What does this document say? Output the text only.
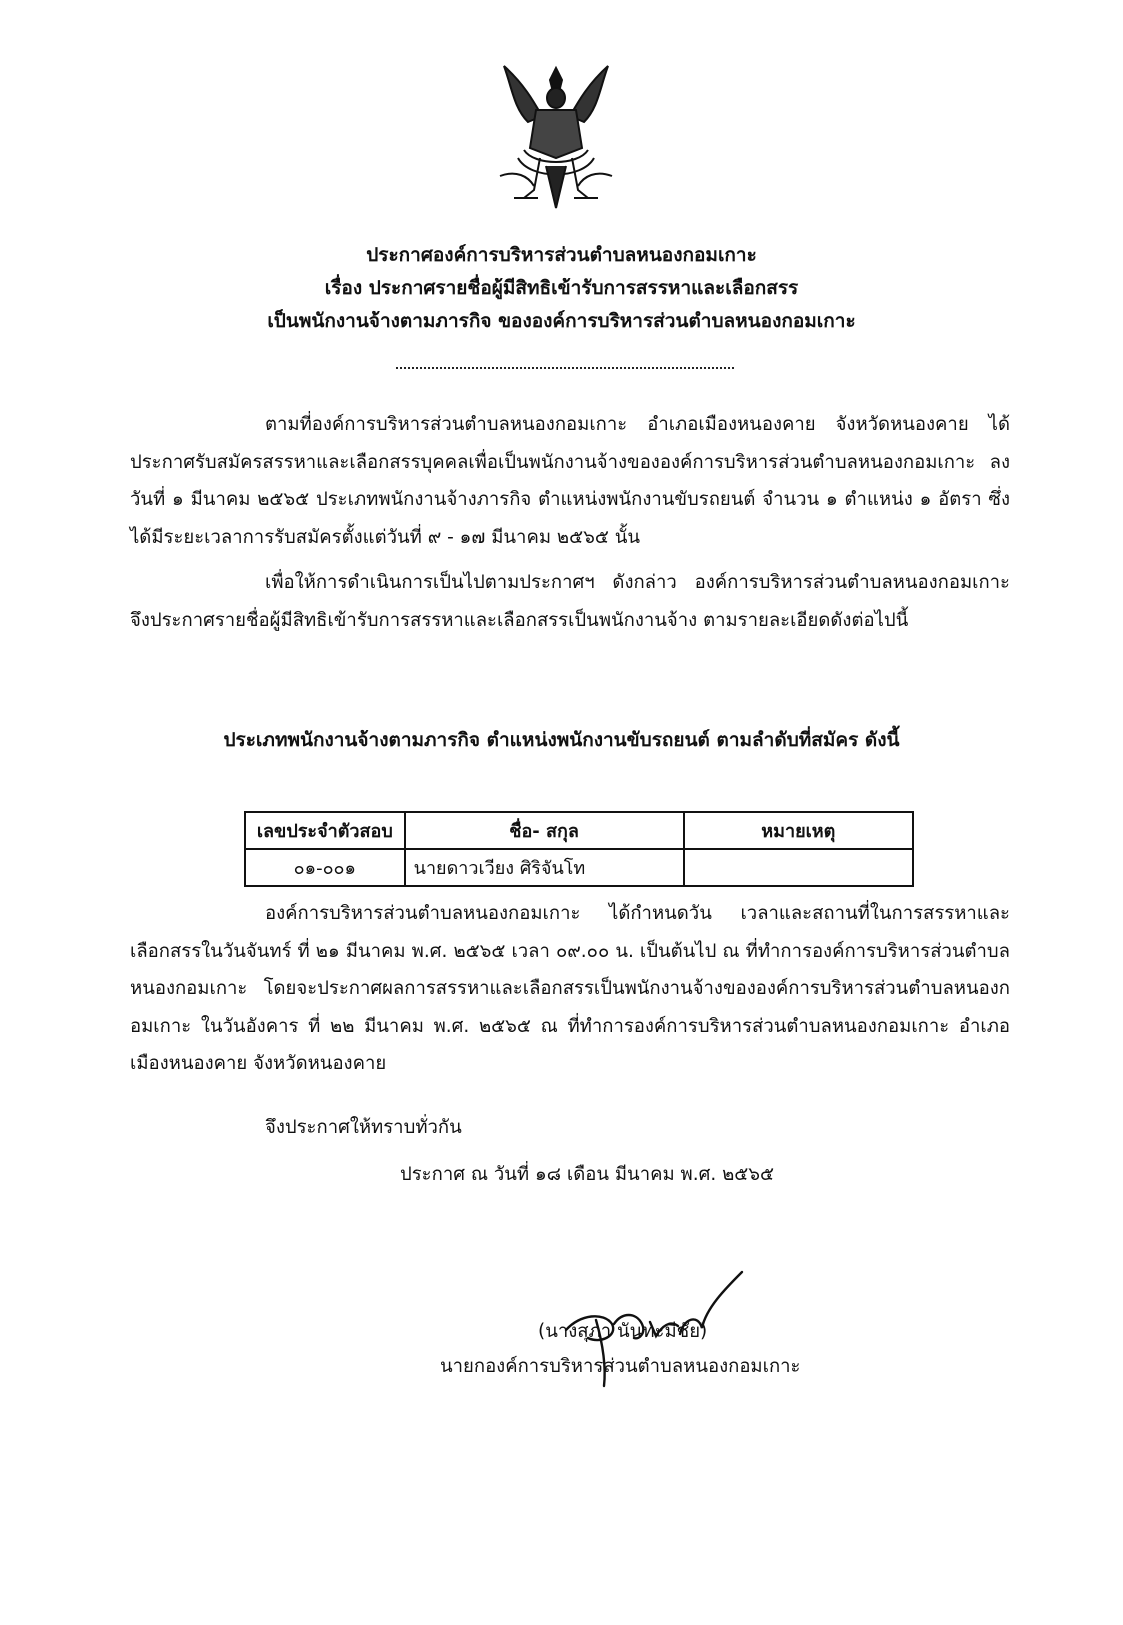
ประกาศองค์การบริหารส่วนตำบลหนองกอมเกาะ
เรื่อง ประกาศรายชื่อผู้มีสิทธิเข้ารับการสรรหาและเลือกสรร
เป็นพนักงานจ้างตามภารกิจ ขององค์การบริหารส่วนตำบลหนองกอมเกาะ

ตามที่องค์การบริหารส่วนตำบลหนองกอมเกาะ อำเภอเมืองหนองคาย จังหวัดหนองคาย ได้ประกาศรับสมัครสรรหาและเลือกสรรบุคคลเพื่อเป็นพนักงานจ้างขององค์การบริหารส่วนตำบลหนองกอมเกาะ ลงวันที่ ๑ มีนาคม ๒๕๖๕ ประเภทพนักงานจ้างภารกิจ ตำแหน่งพนักงานขับรถยนต์ จำนวน ๑ ตำแหน่ง ๑ อัตรา ซึ่งได้มีระยะเวลาการรับสมัครตั้งแต่วันที่ ๙ - ๑๗ มีนาคม ๒๕๖๕ นั้น

เพื่อให้การดำเนินการเป็นไปตามประกาศฯ ดังกล่าว องค์การบริหารส่วนตำบลหนองกอมเกาะ จึงประกาศรายชื่อผู้มีสิทธิเข้ารับการสรรหาและเลือกสรรเป็นพนักงานจ้าง ตามรายละเอียดดังต่อไปนี้

ประเภทพนักงานจ้างตามภารกิจ ตำแหน่งพนักงานขับรถยนต์ ตามลำดับที่สมัคร ดังนี้
เลขประจำตัวสอบ	ชื่อ- สกุล	หมายเหตุ
๐๑-๐๐๑	นายดาวเวียง ศิริจันโท	

องค์การบริหารส่วนตำบลหนองกอมเกาะ ได้กำหนดวัน เวลาและสถานที่ในการสรรหาและเลือกสรรในวันจันทร์ ที่ ๒๑ มีนาคม พ.ศ. ๒๕๖๕ เวลา ๐๙.๐๐ น. เป็นต้นไป ณ ที่ทำการองค์การบริหารส่วนตำบลหนองกอมเกาะ โดยจะประกาศผลการสรรหาและเลือกสรรเป็นพนักงานจ้างขององค์การบริหารส่วนตำบลหนองกอมเกาะ ในวันอังคาร ที่ ๒๒ มีนาคม พ.ศ. ๒๕๖๕ ณ ที่ทำการองค์การบริหารส่วนตำบลหนองกอมเกาะ อำเภอเมืองหนองคาย จังหวัดหนองคาย

จึงประกาศให้ทราบทั่วกัน
ประกาศ ณ วันที่ ๑๘ เดือน มีนาคม พ.ศ. ๒๕๖๕
(นางสุภา นันทะมีชัย)
นายกองค์การบริหารส่วนตำบลหนองกอมเกาะ
